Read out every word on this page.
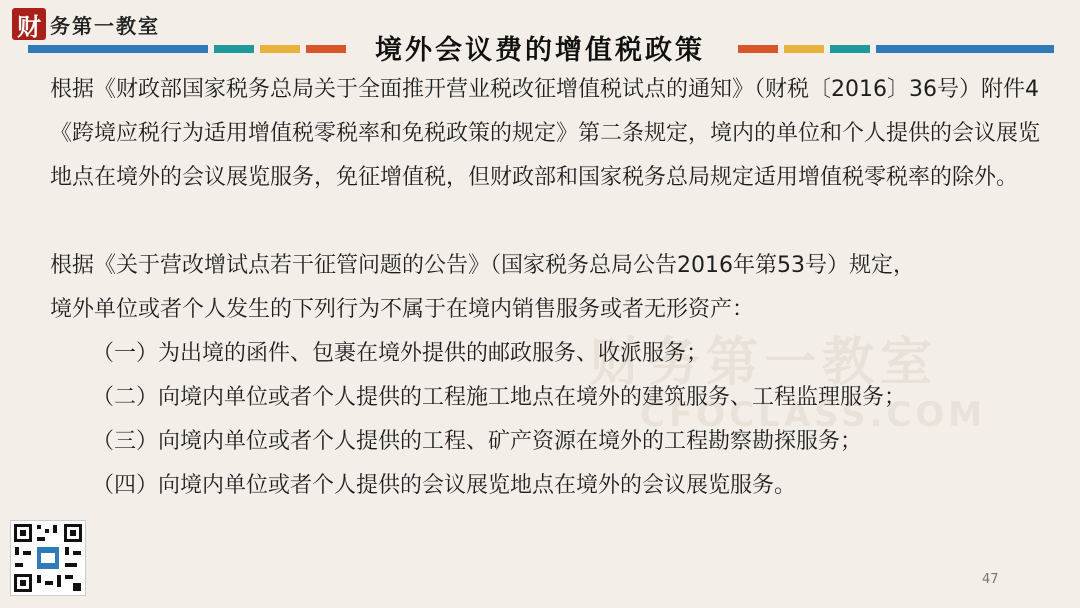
财 务第一教室
境外会议费的增值税政策
财务第一教室
CFOCLASS.COM

根据《财政部国家税务总局关于全面推开营业税改征增值税试点的通知》（财税〔2016〕36号）附件4《跨境应税行为适用增值税零税率和免税政策的规定》第二条规定，境内的单位和个人提供的会议展览地点在境外的会议展览服务，免征增值税，但财政部和国家税务总局规定适用增值税零税率的除外。

根据《关于营改增试点若干征管问题的公告》（国家税务总局公告2016年第53号）规定，

境外单位或者个人发生的下列行为不属于在境内销售服务或者无形资产：

（一）为出境的函件、包裹在境外提供的邮政服务、收派服务；

（二）向境内单位或者个人提供的工程施工地点在境外的建筑服务、工程监理服务；

（三）向境内单位或者个人提供的工程、矿产资源在境外的工程勘察勘探服务；

（四）向境内单位或者个人提供的会议展览地点在境外的会议展览服务。

47
